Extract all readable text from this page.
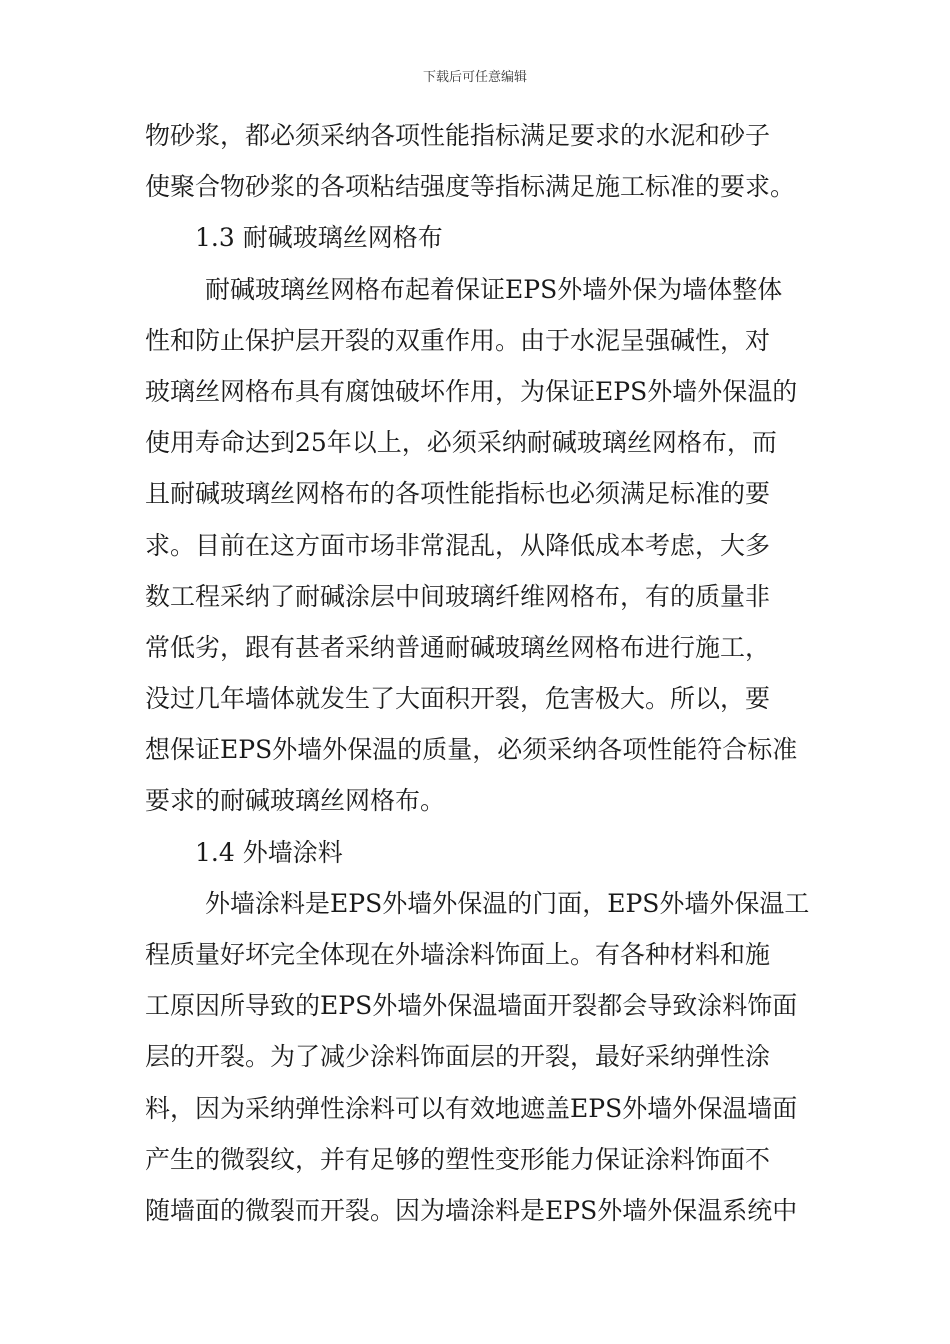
下载后可任意编辑
物砂浆，都必须采纳各项性能指标满足要求的水泥和砂子
使聚合物砂浆的各项粘结强度等指标满足施工标准的要求。
1.3 耐碱玻璃丝网格布
耐碱玻璃丝网格布起着保证EPS外墙外保为墙体整体
性和防止保护层开裂的双重作用。由于水泥呈强碱性，对
玻璃丝网格布具有腐蚀破坏作用，为保证EPS外墙外保温的
使用寿命达到25年以上，必须采纳耐碱玻璃丝网格布，而
且耐碱玻璃丝网格布的各项性能指标也必须满足标准的要
求。目前在这方面市场非常混乱，从降低成本考虑，大多
数工程采纳了耐碱涂层中间玻璃纤维网格布，有的质量非
常低劣，跟有甚者采纳普通耐碱玻璃丝网格布进行施工，
没过几年墙体就发生了大面积开裂，危害极大。所以，要
想保证EPS外墙外保温的质量，必须采纳各项性能符合标准
要求的耐碱玻璃丝网格布。
1.4 外墙涂料
外墙涂料是EPS外墙外保温的门面，EPS外墙外保温工
程质量好坏完全体现在外墙涂料饰面上。有各种材料和施
工原因所导致的EPS外墙外保温墙面开裂都会导致涂料饰面
层的开裂。为了减少涂料饰面层的开裂，最好采纳弹性涂
料，因为采纳弹性涂料可以有效地遮盖EPS外墙外保温墙面
产生的微裂纹，并有足够的塑性变形能力保证涂料饰面不
随墙面的微裂而开裂。因为墙涂料是EPS外墙外保温系统中
